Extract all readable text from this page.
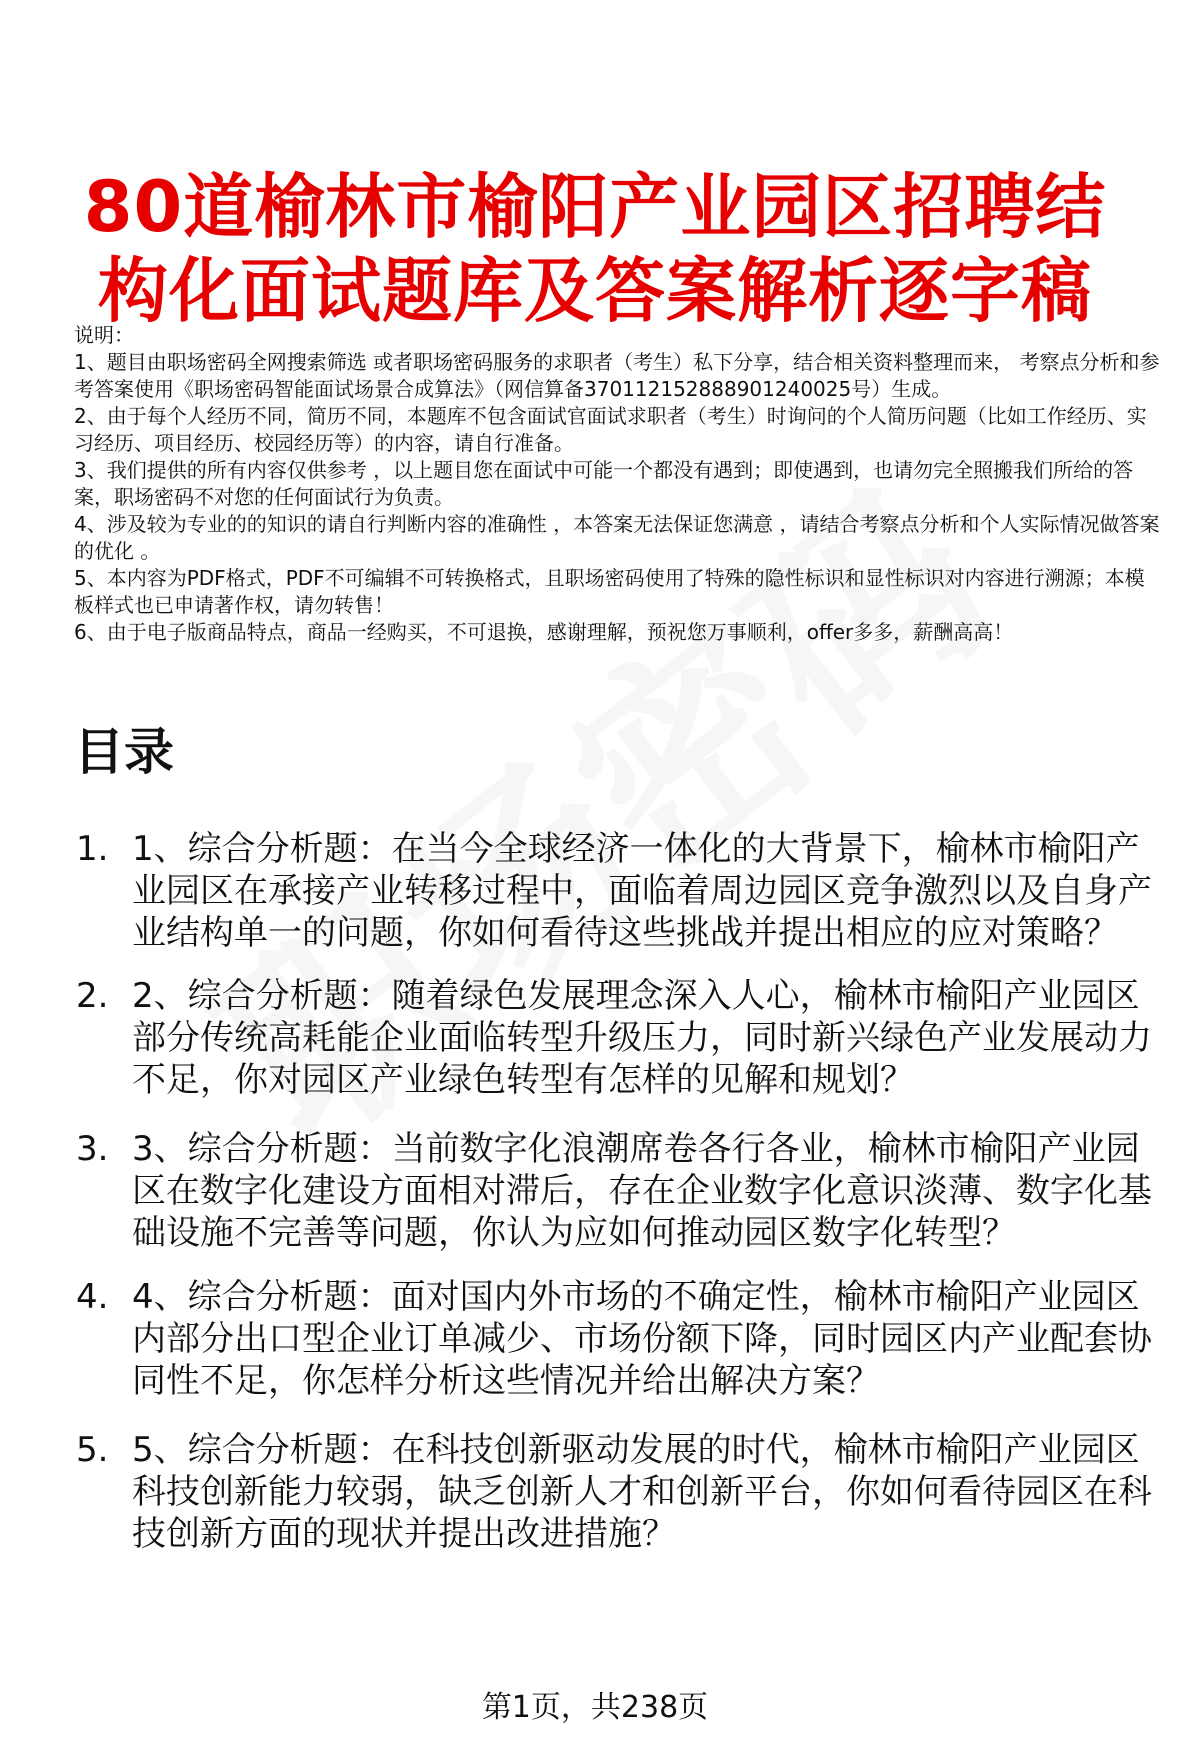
80道榆林市榆阳产业园区招聘结构化面试题库及答案解析逐字稿

说明：

1、题目由职场密码全网搜索筛选 或者职场密码服务的求职者（考生）私下分享，结合相关资料整理而来， 考察点分析和参考答案使用《职场密码智能面试场景合成算法》（网信算备370112152888901240025号）生成。

2、由于每个人经历不同，简历不同，本题库不包含面试官面试求职者（考生）时询问的个人简历问题（比如工作经历、实习经历、项目经历、校园经历等）的内容，请自行准备。

3、我们提供的所有内容仅供参考 ，以上题目您在面试中可能一个都没有遇到；即使遇到，也请勿完全照搬我们所给的答案，职场密码不对您的任何面试行为负责。

4、涉及较为专业的的知识的请自行判断内容的准确性 ，本答案无法保证您满意 ，请结合考察点分析和个人实际情况做答案的优化 。

5、本内容为PDF格式，PDF不可编辑不可转换格式，且职场密码使用了特殊的隐性标识和显性标识对内容进行溯源；本模板样式也已申请著作权，请勿转售！

6、由于电子版商品特点，商品一经购买，不可退换，感谢理解，预祝您万事顺利，offer多多，薪酬高高！

目录
1. 1、综合分析题：在当今全球经济一体化的大背景下，榆林市榆阳产业园区在承接产业转移过程中，面临着周边园区竞争激烈以及自身产业结构单一的问题，你如何看待这些挑战并提出相应的应对策略？
2. 2、综合分析题：随着绿色发展理念深入人心，榆林市榆阳产业园区部分传统高耗能企业面临转型升级压力，同时新兴绿色产业发展动力不足，你对园区产业绿色转型有怎样的见解和规划？
3. 3、综合分析题：当前数字化浪潮席卷各行各业，榆林市榆阳产业园区在数字化建设方面相对滞后，存在企业数字化意识淡薄、数字化基础设施不完善等问题，你认为应如何推动园区数字化转型？
4. 4、综合分析题：面对国内外市场的不确定性，榆林市榆阳产业园区内部分出口型企业订单减少、市场份额下降，同时园区内产业配套协同性不足，你怎样分析这些情况并给出解决方案？
5. 5、综合分析题：在科技创新驱动发展的时代，榆林市榆阳产业园区科技创新能力较弱，缺乏创新人才和创新平台，你如何看待园区在科技创新方面的现状并提出改进措施？
第1页，共238页
